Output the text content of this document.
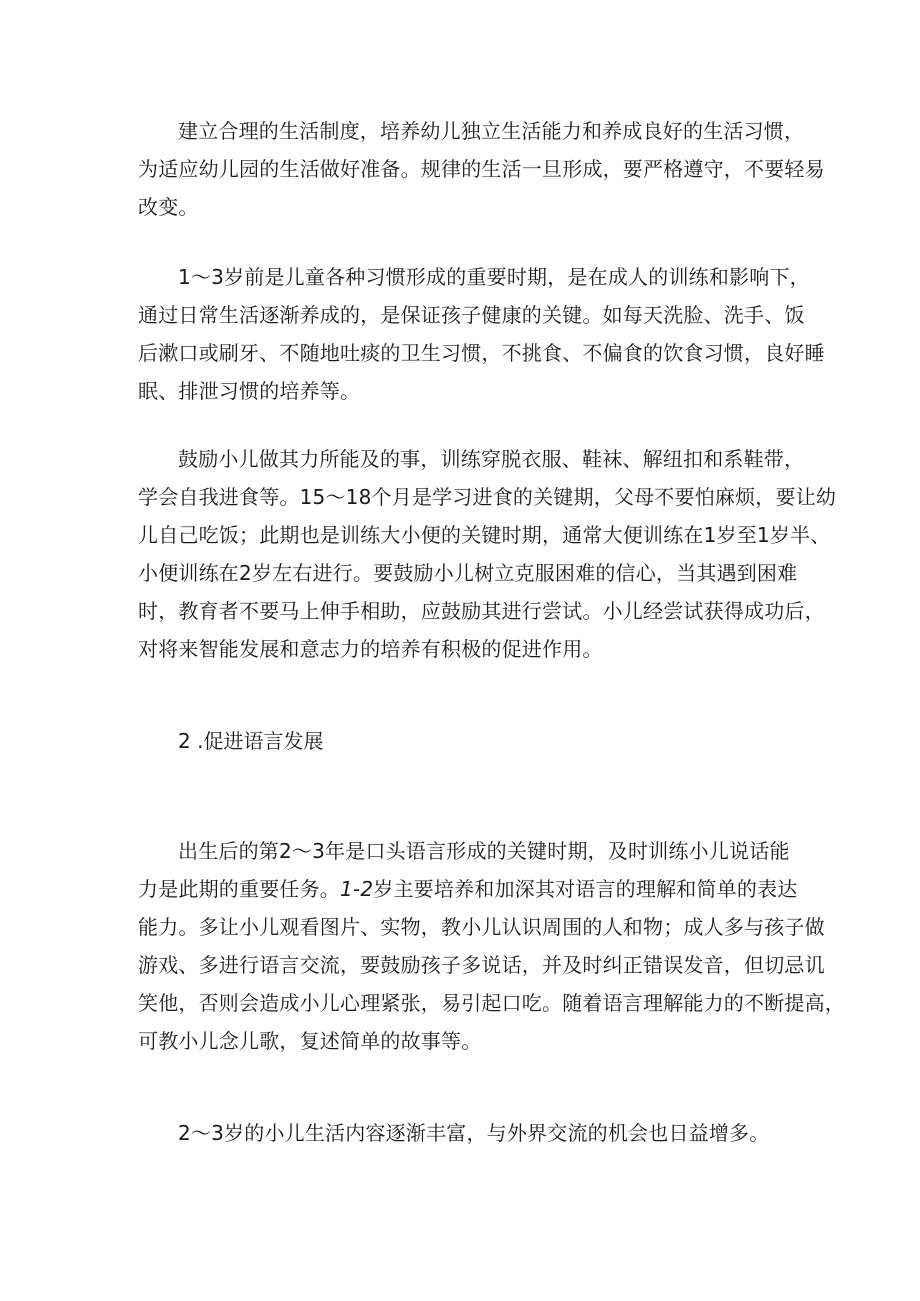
建立合理的生活制度，培养幼儿独立生活能力和养成良好的生活习惯，
为适应幼儿园的生活做好准备。规律的生活一旦形成，要严格遵守，不要轻易
改变。
1～3岁前是儿童各种习惯形成的重要时期，是在成人的训练和影响下，
通过日常生活逐渐养成的，是保证孩子健康的关键。如每天洗脸、洗手、饭
后漱口或刷牙、不随地吐痰的卫生习惯，不挑食、不偏食的饮食习惯，良好睡
眠、排泄习惯的培养等。
鼓励小儿做其力所能及的事，训练穿脱衣服、鞋袜、解纽扣和系鞋带，
学会自我进食等。15～18个月是学习进食的关键期，父母不要怕麻烦，要让幼
儿自己吃饭；此期也是训练大小便的关键时期，通常大便训练在1岁至1岁半、
小便训练在2岁左右进行。要鼓励小儿树立克服困难的信心，当其遇到困难
时，教育者不要马上伸手相助，应鼓励其进行尝试。小儿经尝试获得成功后，
对将来智能发展和意志力的培养有积极的促进作用。
2 .促进语言发展
出生后的第2～3年是口头语言形成的关键时期，及时训练小儿说话能
力是此期的重要任务。1-2岁主要培养和加深其对语言的理解和简单的表达
能力。多让小儿观看图片、实物，教小儿认识周围的人和物；成人多与孩子做
游戏、多进行语言交流，要鼓励孩子多说话，并及时纠正错误发音，但切忌讥
笑他，否则会造成小儿心理紧张，易引起口吃。随着语言理解能力的不断提高，
可教小儿念儿歌，复述简单的故事等。
2～3岁的小儿生活内容逐渐丰富，与外界交流的机会也日益增多。
